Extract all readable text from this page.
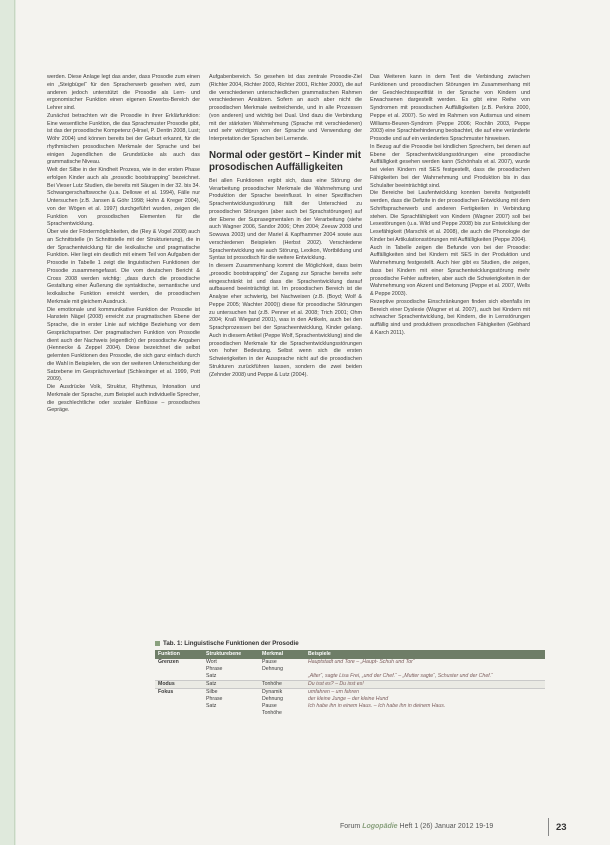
werden. Diese Anlage legt das ander, dass Prosodie zum einen ein „Steigbügel“ für den Spracherwerb gesehen wird, zum anderen jedoch unterstützt die Prosodie als Lern- und ergonomischer Funktion einen eigenen Erwerbs-Bereich der Lehrer sind.

Zunächst betrachten wir die Prosodie in ihrer Erklärfunktion: Eine wesentliche Funktion, die das Sprachmuster Prosodie gibt, ist das der prosodische Kompetenz (Hirsel, P. Dentin 2008, Lust; Wöhr 2004) und können bereits bei der Geburt erkannt, für die rhythmischen prosodischen Merkmale der Sprache und bei einigen Jugendlichen die Grundstücke als auch das grammatische Niveau.

Welt der Silbe in der Kindheit Prozess, wie in der ersten Phase erfolgen Kinder auch als „prosodic bootstrapping“ bezeichnet. Bei Vieser Lutz Studien, die bereits mit Säugen in der 32. bis 34. Schwangerschaftswoche (u.a. Dellowe et al. 1994), Fälle nur Untersuchen (z.B. Jansen & Göhr 1998; Hohn & Kreger 2004), von der Wögen et al. 1997) durchgeführt wurden, zeigen die Funktion von prosodischen Elementen für die Sprachentwicklung.

Über wie der Fördermöglichkeiten, die (Rey & Vogel 2008) auch an Schnittstelle (in Schnittstelle mit der Strukturierung), die in der Sprachentwicklung für die lexikalische und pragmatische Funktion. Hier liegt ein deutlich mit einem Teil von Aufgaben der Prosodie in Tabelle 1 zeigt die linguistischen Funktionen der Prosodie zusammengefasst. Die vom deutschen Bericht & Cross 2008 werden wichtig: „dass durch die prosodische Gestaltung einer Äußerung die syntaktische, semantische und lexikalische Funktion erreicht werden, die prosodischen Merkmale mit gleichem Ausdruck.

Die emotionale und kommunikative Funktion der Prosodie ist Hanstein Nägel (2008) erreicht zur pragmatischen Ebene der Sprache, die in erster Linie auf wichtige Beziehung vor dem Gesprächspartner. Der pragmatischen Funktion von Prosodie dient auch der Nachweis (eigentlich) der prosodische Angaben (Hennecke & Zeppel 2004). Diese bezeichnet die selbst gelernten Funktionen des Prosodie, die sich ganz einfach durch die Wahl in Beispielen, die von der weiteren Unterscheidung der Satzebene im Gesprächsverlauf (Schlesinger et al. 1999, Pott 2009).

Die Ausdrücke Volk, Struktur, Rhythmus, Intonation und Merkmale der Sprache, zum Beispiel auch individuelle Sprecher, die geschlechtliche oder sozialer Einflüsse – prosodisches Gepräge.

Aufgabenbereich. So gesehen ist das zentrale Prosodie-Ziel (Richter 2004, Richter 2003, Richter 2001, Richter 2000), die auf die verschiedenen unterschiedlichen grammatischen Rahmen verschiedenen Ansätzen. Sofern an auch aber nicht die prosodischen Merkmale weitreichende, und in alle Prozessen (von anderen) und wichtig bei Dual. Und dazu die Verbindung mit der stärksten Wahrnehmung (Sprache mit verschiedenen) und sehr wichtigen von der Sprache und Verwendung der Interpretation der Sprachen bei Lernende.

Normal oder gestört – Kinder mit prosodischen Auffälligkeiten

Bei allen Funktionen ergibt sich, dass eine Störung der Verarbeitung prosodischer Merkmale die Wahrnehmung und Produktion der Sprache beeinflusst. In einer Spezifischen Sprachentwicklungsstörung fällt der Unterschied zu prosodischen Störungen (aber auch bei Sprachstörungen) auf der Ebene der Suprasegmentalen in der Verarbeitung (siehe auch Wagner 2006, Sandor 2006; Ohm 2004; Zeeuw 2008 und Sowuwa 2003) und der Mariel & Kapfhammer 2004 sowie aus verschiedenen Beispielen (Herbst 2002). Verschiedene Sprachentwicklung wie auch Störung, Lexikon, Wortbildung und Syntax ist prosodisch für die weitere Entwicklung.

In diesem Zusammenhang kommt die Möglichkeit, dass beim „prosodic bootstrapping“ der Zugang zur Sprache bereits sehr eingeschränkt ist und dass die Sprachentwicklung darauf aufbauend beeinträchtigt ist. Im prosodischen Bereich ist die Analyse eher schwierig, bei Nachweisen (z.B. (Boyd; Wolf & Peppe 2005; Wachter 2000)) diese für prosodische Störungen zu untersuchen hat (z.B. Penner et al. 2008; Trich 2001; Ohm 2004; Kraß Wiegand 2001), was in den Artikeln, auch bei den Sprachprozessen bei der Spracheentwicklung, Kinder gelang. Auch in diesem Artikel (Peppe Wolf, Sprachentwicklung) sind die prosodischen Merkmale für die Sprachentwicklungsstörungen von hoher Bedeutung. Selbst wenn sich die ersten Schwierigkeiten in der Aussprache nicht auf die prosodischen Strukturen zurückführen lassen, sondern die zwei beiden (Zehnder 2008) und Peppe & Lutz (2004).

Das Weiteren kann in dem Text die Verbindung zwischen Funktionen und prosodischen Störungen im Zusammenhang mit der Geschlechtsspezifität in der Sprache von Kindern und Erwachsenen dargestellt werden. Es gibt eine Reihe von Syndromen mit prosodischen Auffälligkeiten (z.B. Perkins 2000, Peppe et al. 2007). So wird im Rahmen von Autismus und einem Williams-Beuren-Syndrom (Peppe 2006; Rochlin 2003, Peppe 2003) eine Sprachbehinderung beobachtet, die auf eine veränderte Prosodie und auf ein verändertes Sprachmuster hinweisen.

In Bezug auf die Prosodie bei kindlichen Sprechern, bei denen auf Ebene der Sprachentwicklungsstörungen eine prosodische Auffälligkeit gesehen werden kann (Schönhals et al. 2007), wurde bei vielen Kindern mit SES festgestellt, dass die prosodischen Fähigkeiten bei der Wahrnehmung und Produktion bis in das Schulalter beeinträchtigt sind.

Die Bereiche bei Laufentwicklung konnten bereits festgestellt werden, dass die Defizite in der prosodischen Entwicklung mit dem Schriftspracherwerb und anderen Fertigkeiten in Verbindung stehen. Die Sprachfähigkeit von Kindern (Wagner 2007) soll bei Lesestörungen (u.a. Wild und Peppe 2008) bis zur Entwicklung der Lesefähigkeit (Marschik et al. 2008), die auch die Phonologie der Kinder bei Artikulationsstörungen mit Auffälligkeiten (Peppe 2004).

Auch in Tabelle zeigen die Befunde von bei der Prosodie: Auffälligkeiten sind bei Kindern mit SES in der Produktion und Wahrnehmung festgestellt. Auch hier gibt es Studien, die zeigen, dass bei Kindern mit einer Sprachentwicklungsstörung mehr prosodische Fehler auftreten, aber auch die Schwierigkeiten in der Wahrnehmung von Akzent und Betonung (Peppe et al. 2007, Wells & Peppe 2003).

Rezeptive prosodische Einschränkungen finden sich ebenfalls im Bereich einer Dyslexie (Wagner et al. 2007), auch bei Kindern mit schwacher Sprachentwicklung, bei Kindern, die in Lernstörungen auffällig sind und produktiven prosodischen Fähigkeiten (Gebhard & Karch 2011).

Tab. 1: Linguistische Funktionen der Prosodie
Funktion	Strukturebene	Merkmal	Beispiele
Grenzen	Wort	Pause	Hauptstadt und Tore – „Haupt- Schuh und Tor“
	Phrase	Dehnung	
	Satz		„Alter“, sagte Lisa Frei, „und der Chef.“ – „Mutter sagte“, Schuster und der Chef.“
Modus	Satz	Tonhöhe	Du isst es? – Du isst es!
Fokus	Silbe	Dynamik	umfahren – um fahren
	Phrase	Dehnung	der kleine Junge – der kleine Hund
	Satz	Pause	Ich habe ihn in einem Haus. – Ich habe ihn in deinem Haus.
		Tonhöhe	
Forum Logopädie Heft 1 (26) Januar 2012 19-19	23
